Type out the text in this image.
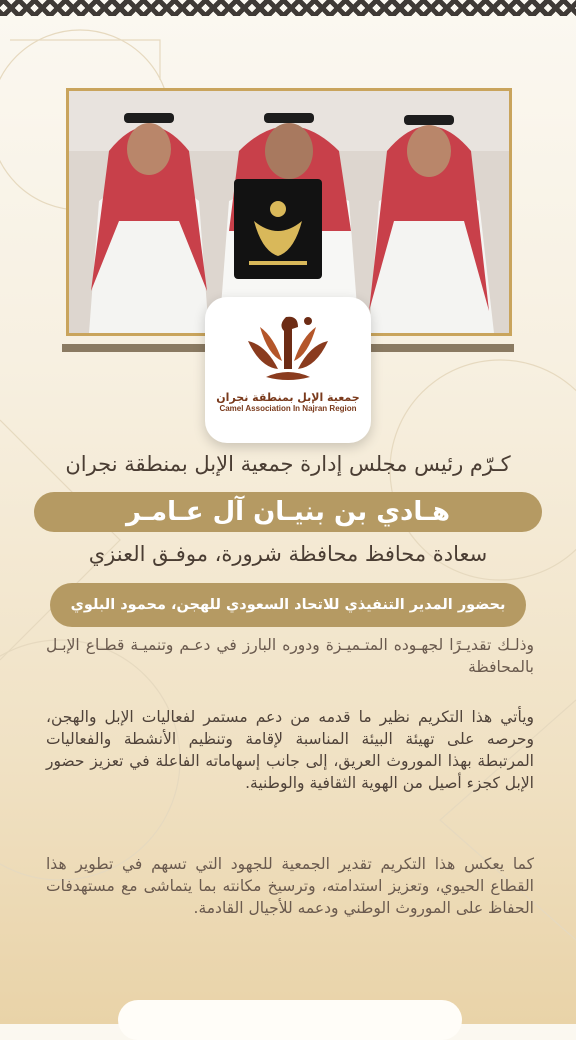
جمعية الإبل بمنطقة نجران
Camel Association In Najran Region
كـرّم رئيس مجلس إدارة جمعية الإبل بمنطقة نجران
هـادي بن بنيـان آل عـامـر
سعادة محافظ محافظة شرورة، موفـق العنزي
بحضور المدير التنفيذي للاتحاد السعودي للهجن، محمود البلوي
وذلـك تقديـرًا لجهـوده المتـميـزة ودوره البارز في دعـم وتنميـة قطـاع الإبـل بالمحافظة
ويأتي هذا التكريم نظير ما قدمه من دعم مستمر لفعاليات الإبل والهجن، وحرصه على تهيئة البيئة المناسبة لإقامة وتنظيم الأنشطة والفعاليات المرتبطة بهذا الموروث العريق، إلى جانب إسهاماته الفاعلة في تعزيز حضور الإبل كجزء أصيل من الهوية الثقافية والوطنية.
كما يعكس هذا التكريم تقدير الجمعية للجهود التي تسهم في تطوير هذا القطاع الحيوي، وتعزيز استدامته، وترسيخ مكانته بما يتماشى مع مستهدفات الحفاظ على الموروث الوطني ودعمه للأجيال القادمة.
